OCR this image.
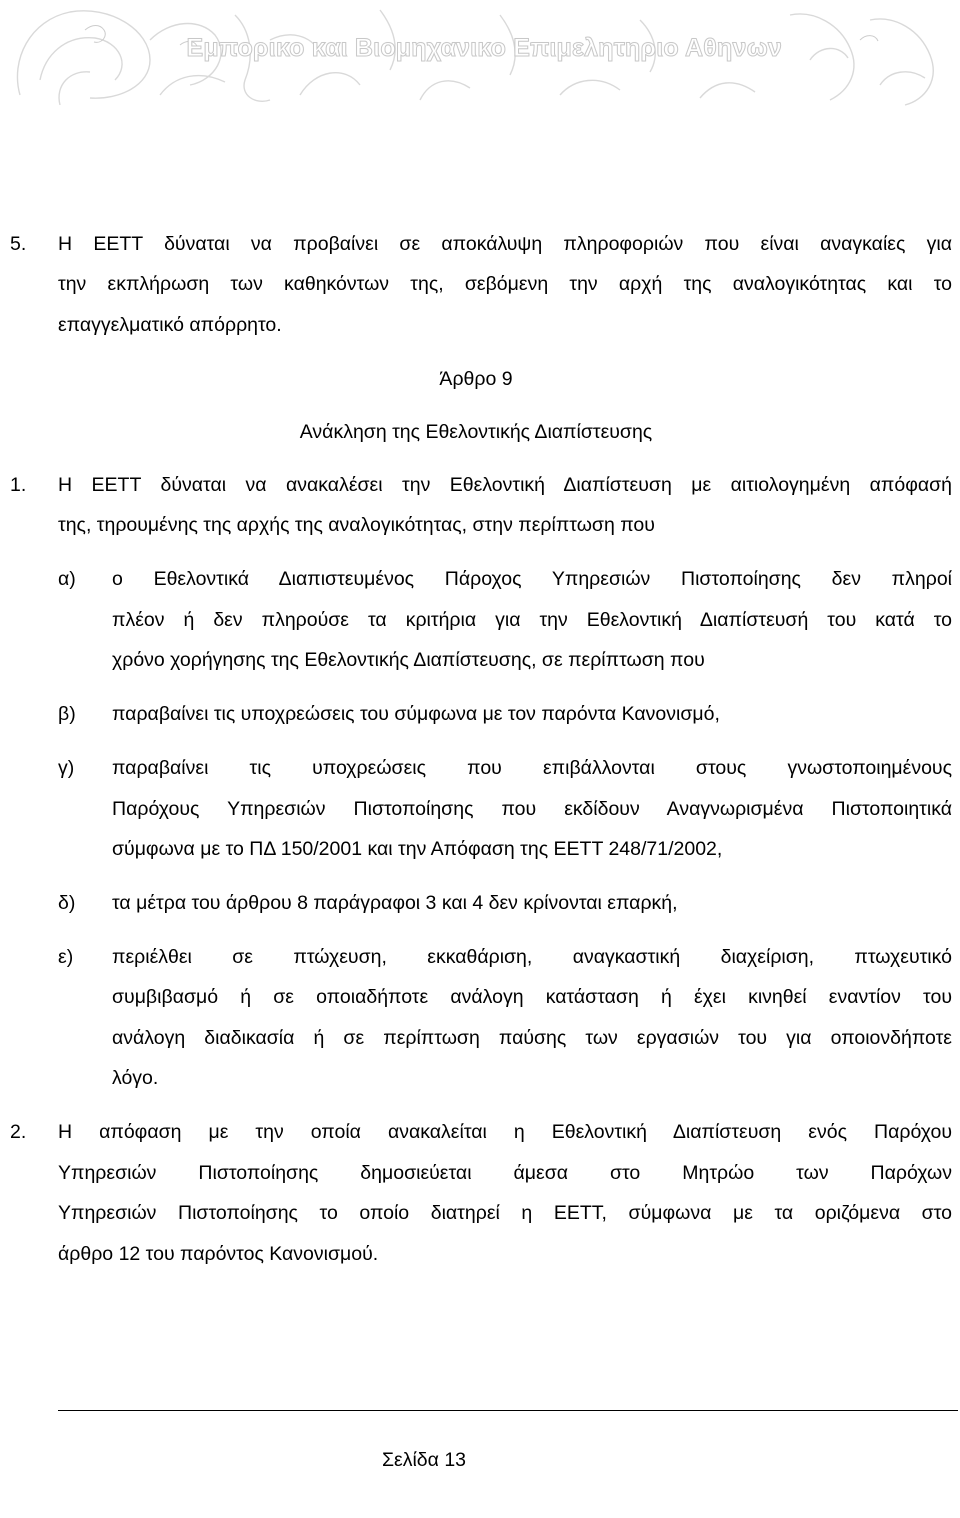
Εμπορικο και Βιομηχανικο Επιμελητηριο Αθηνων
5. Η ΕΕΤΤ δύναται να προβαίνει σε αποκάλυψη πληροφοριών που είναι αναγκαίες για
την εκπλήρωση των καθηκόντων της, σεβόμενη την αρχή της αναλογικότητας και το
επαγγελματικό απόρρητο.
Άρθρο 9
Ανάκληση της Εθελοντικής Διαπίστευσης
1. Η ΕΕΤΤ δύναται να ανακαλέσει την Εθελοντική Διαπίστευση με αιτιολογημένη απόφασή
της, τηρουμένης της αρχής της αναλογικότητας, στην περίπτωση που
α) ο Εθελοντικά Διαπιστευμένος Πάροχος Υπηρεσιών Πιστοποίησης δεν πληροί
πλέον ή δεν πληρούσε τα κριτήρια για την Εθελοντική Διαπίστευσή του κατά το
χρόνο χορήγησης της Εθελοντικής Διαπίστευσης, σε περίπτωση που
β) παραβαίνει τις υποχρεώσεις του σύμφωνα με τον παρόντα Κανονισμό,
γ) παραβαίνει τις υποχρεώσεις που επιβάλλονται στους γνωστοποιημένους
Παρόχους Υπηρεσιών Πιστοποίησης που εκδίδουν Αναγνωρισμένα Πιστοποιητικά
σύμφωνα με το ΠΔ 150/2001 και την Απόφαση της ΕΕΤΤ 248/71/2002,
δ) τα μέτρα του άρθρου 8 παράγραφοι 3 και 4 δεν κρίνονται επαρκή,
ε) περιέλθει σε πτώχευση, εκκαθάριση, αναγκαστική διαχείριση, πτωχευτικό
συμβιβασμό ή σε οποιαδήποτε ανάλογη κατάσταση ή έχει κινηθεί εναντίον του
ανάλογη διαδικασία ή σε περίπτωση παύσης των εργασιών του για οποιονδήποτε
λόγο.
2. Η απόφαση με την οποία ανακαλείται η Εθελοντική Διαπίστευση ενός Παρόχου
Υπηρεσιών Πιστοποίησης δημοσιεύεται άμεσα στο Μητρώο των Παρόχων
Υπηρεσιών Πιστοποίησης το οποίο διατηρεί η ΕΕΤΤ, σύμφωνα με τα οριζόμενα στο
άρθρο 12 του παρόντος Κανονισμού.
Σελίδα 13
